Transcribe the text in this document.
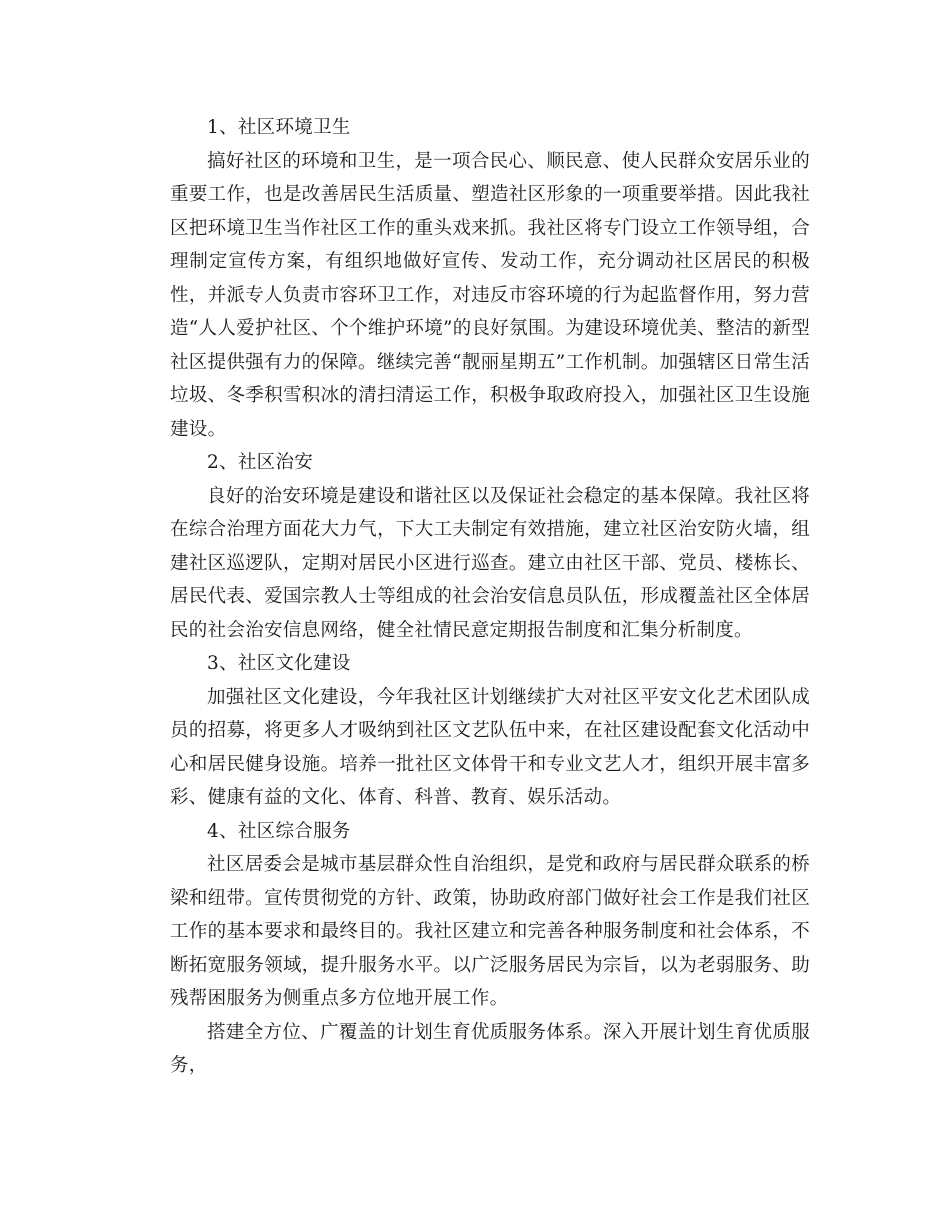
1、社区环境卫生

搞好社区的环境和卫生，是一项合民心、顺民意、使人民群众安居乐业的重要工作，也是改善居民生活质量、塑造社区形象的一项重要举措。因此我社区把环境卫生当作社区工作的重头戏来抓。我社区将专门设立工作领导组，合理制定宣传方案，有组织地做好宣传、发动工作，充分调动社区居民的积极性，并派专人负责市容环卫工作，对违反市容环境的行为起监督作用，努力营造“人人爱护社区、个个维护环境”的良好氛围。为建设环境优美、整洁的新型社区提供强有力的保障。继续完善“靓丽星期五”工作机制。加强辖区日常生活垃圾、冬季积雪积冰的清扫清运工作，积极争取政府投入，加强社区卫生设施建设。

2、社区治安

良好的治安环境是建设和谐社区以及保证社会稳定的基本保障。我社区将在综合治理方面花大力气，下大工夫制定有效措施，建立社区治安防火墙，组建社区巡逻队，定期对居民小区进行巡查。建立由社区干部、党员、楼栋长、居民代表、爱国宗教人士等组成的社会治安信息员队伍，形成覆盖社区全体居民的社会治安信息网络，健全社情民意定期报告制度和汇集分析制度。

3、社区文化建设

加强社区文化建设，今年我社区计划继续扩大对社区平安文化艺术团队成员的招募，将更多人才吸纳到社区文艺队伍中来，在社区建设配套文化活动中心和居民健身设施。培养一批社区文体骨干和专业文艺人才，组织开展丰富多彩、健康有益的文化、体育、科普、教育、娱乐活动。

4、社区综合服务

社区居委会是城市基层群众性自治组织，是党和政府与居民群众联系的桥梁和纽带。宣传贯彻党的方针、政策，协助政府部门做好社会工作是我们社区工作的基本要求和最终目的。我社区建立和完善各种服务制度和社会体系，不断拓宽服务领域，提升服务水平。以广泛服务居民为宗旨，以为老弱服务、助残帮困服务为侧重点多方位地开展工作。

搭建全方位、广覆盖的计划生育优质服务体系。深入开展计划生育优质服务，
